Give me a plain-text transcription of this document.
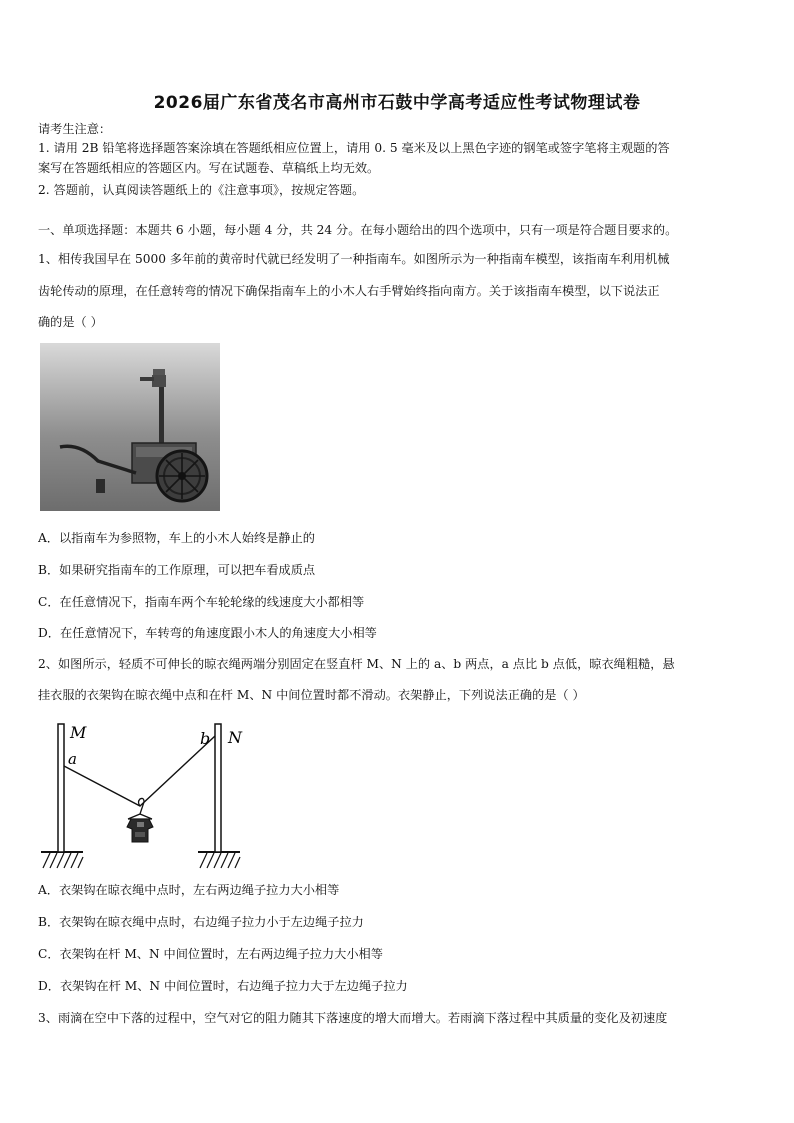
2026届广东省茂名市高州市石鼓中学高考适应性考试物理试卷
请考生注意：
1. 请用 2B 铅笔将选择题答案涂填在答题纸相应位置上，请用 0. 5 毫米及以上黑色字迹的钢笔或签字笔将主观题的答
案写在答题纸相应的答题区内。写在试题卷、草稿纸上均无效。
2. 答题前，认真阅读答题纸上的《注意事项》，按规定答题。
一、单项选择题：本题共 6 小题，每小题 4 分，共 24 分。在每小题给出的四个选项中，只有一项是符合题目要求的。
1、相传我国早在 5000 多年前的黄帝时代就已经发明了一种指南车。如图所示为一种指南车模型，该指南车利用机械
齿轮传动的原理，在任意转弯的情况下确保指南车上的小木人右手臂始终指向南方。关于该指南车模型，以下说法正
确的是（ ）
A．以指南车为参照物，车上的小木人始终是静止的
B．如果研究指南车的工作原理，可以把车看成质点
C．在任意情况下，指南车两个车轮轮缘的线速度大小都相等
D．在任意情况下，车转弯的角速度跟小木人的角速度大小相等
2、如图所示，轻质不可伸长的晾衣绳两端分别固定在竖直杆 M、N 上的 a、b 两点，a 点比 b 点低，晾衣绳粗糙，悬
挂衣服的衣架钩在晾衣绳中点和在杆 M、N 中间位置时都不滑动。衣架静止，下列说法正确的是（ ）
M
a
b N
A．衣架钩在晾衣绳中点时，左右两边绳子拉力大小相等
B．衣架钩在晾衣绳中点时，右边绳子拉力小于左边绳子拉力
C．衣架钩在杆 M、N 中间位置时，左右两边绳子拉力大小相等
D．衣架钩在杆 M、N 中间位置时，右边绳子拉力大于左边绳子拉力
3、雨滴在空中下落的过程中，空气对它的阻力随其下落速度的增大而增大。若雨滴下落过程中其质量的变化及初速度
